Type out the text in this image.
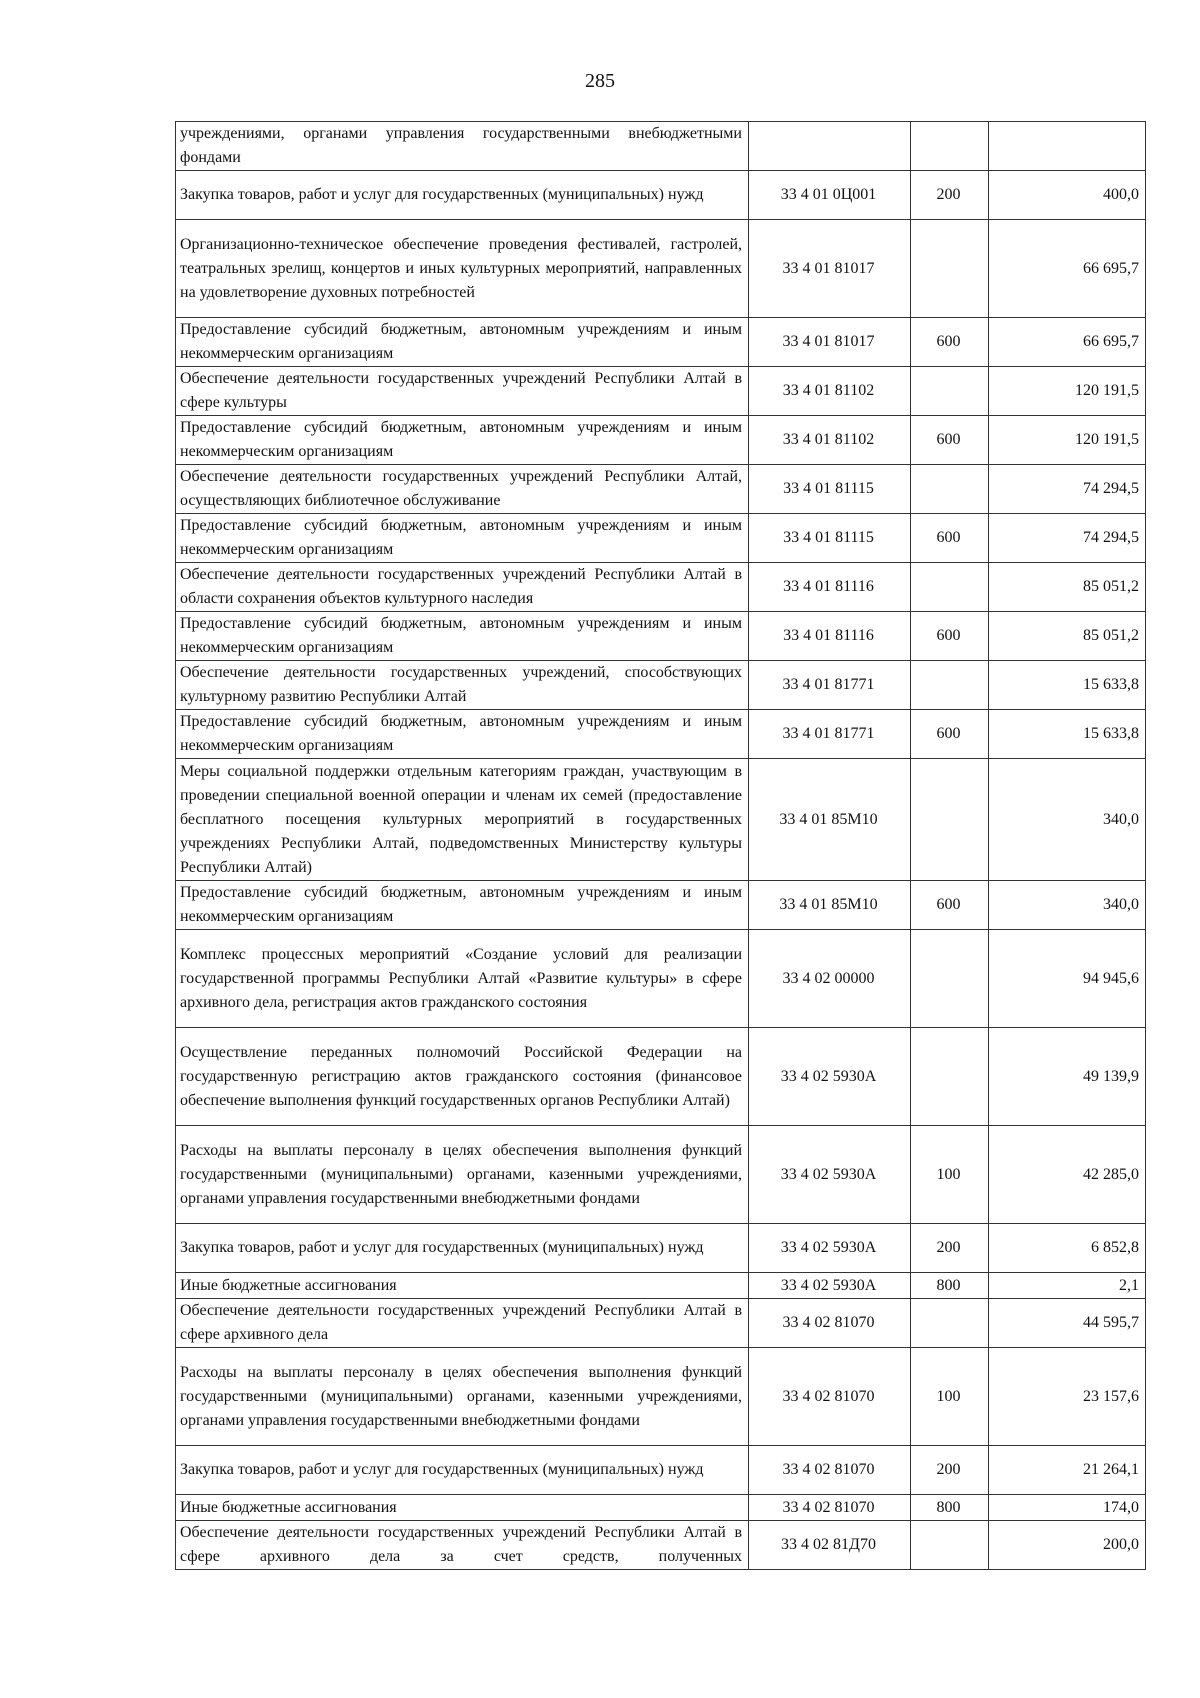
285
учреждениями, органами управления государственными внебюджетными фондами			
Закупка товаров, работ и услуг для государственных (муниципальных) нужд	33 4 01 0Ц001	200	400,0
Организационно-техническое обеспечение проведения фестивалей, гастролей, театральных зрелищ, концертов и иных культурных мероприятий, направленных на удовлетворение духовных потребностей	33 4 01 81017		66 695,7
Предоставление субсидий бюджетным, автономным учреждениям и иным некоммерческим организациям	33 4 01 81017	600	66 695,7
Обеспечение деятельности государственных учреждений Республики Алтай в сфере культуры	33 4 01 81102		120 191,5
Предоставление субсидий бюджетным, автономным учреждениям и иным некоммерческим организациям	33 4 01 81102	600	120 191,5
Обеспечение деятельности государственных учреждений Республики Алтай, осуществляющих библиотечное обслуживание	33 4 01 81115		74 294,5
Предоставление субсидий бюджетным, автономным учреждениям и иным некоммерческим организациям	33 4 01 81115	600	74 294,5
Обеспечение деятельности государственных учреждений Республики Алтай в области сохранения объектов культурного наследия	33 4 01 81116		85 051,2
Предоставление субсидий бюджетным, автономным учреждениям и иным некоммерческим организациям	33 4 01 81116	600	85 051,2
Обеспечение деятельности государственных учреждений, способствующих культурному развитию Республики Алтай	33 4 01 81771		15 633,8
Предоставление субсидий бюджетным, автономным учреждениям и иным некоммерческим организациям	33 4 01 81771	600	15 633,8
Меры социальной поддержки отдельным категориям граждан, участвующим в проведении специальной военной операции и членам их семей (предоставление бесплатного посещения культурных мероприятий в государственных учреждениях Республики Алтай, подведомственных Министерству культуры Республики Алтай)	33 4 01 85М10		340,0
Предоставление субсидий бюджетным, автономным учреждениям и иным некоммерческим организациям	33 4 01 85М10	600	340,0
Комплекс процессных мероприятий «Создание условий для реализации государственной программы Республики Алтай «Развитие культуры» в сфере архивного дела, регистрация актов гражданского состояния	33 4 02 00000		94 945,6
Осуществление переданных полномочий Российской Федерации на государственную регистрацию актов гражданского состояния (финансовое обеспечение выполнения функций государственных органов Республики Алтай)	33 4 02 5930А		49 139,9
Расходы на выплаты персоналу в целях обеспечения выполнения функций государственными (муниципальными) органами, казенными учреждениями, органами управления государственными внебюджетными фондами	33 4 02 5930А	100	42 285,0
Закупка товаров, работ и услуг для государственных (муниципальных) нужд	33 4 02 5930А	200	6 852,8
Иные бюджетные ассигнования	33 4 02 5930А	800	2,1
Обеспечение деятельности государственных учреждений Республики Алтай в сфере архивного дела	33 4 02 81070		44 595,7
Расходы на выплаты персоналу в целях обеспечения выполнения функций государственными (муниципальными) органами, казенными учреждениями, органами управления государственными внебюджетными фондами	33 4 02 81070	100	23 157,6
Закупка товаров, работ и услуг для государственных (муниципальных) нужд	33 4 02 81070	200	21 264,1
Иные бюджетные ассигнования	33 4 02 81070	800	174,0
Обеспечение деятельности государственных учреждений Республики Алтай в сфере архивного дела за счет средств, полученных	33 4 02 81Д70		200,0
